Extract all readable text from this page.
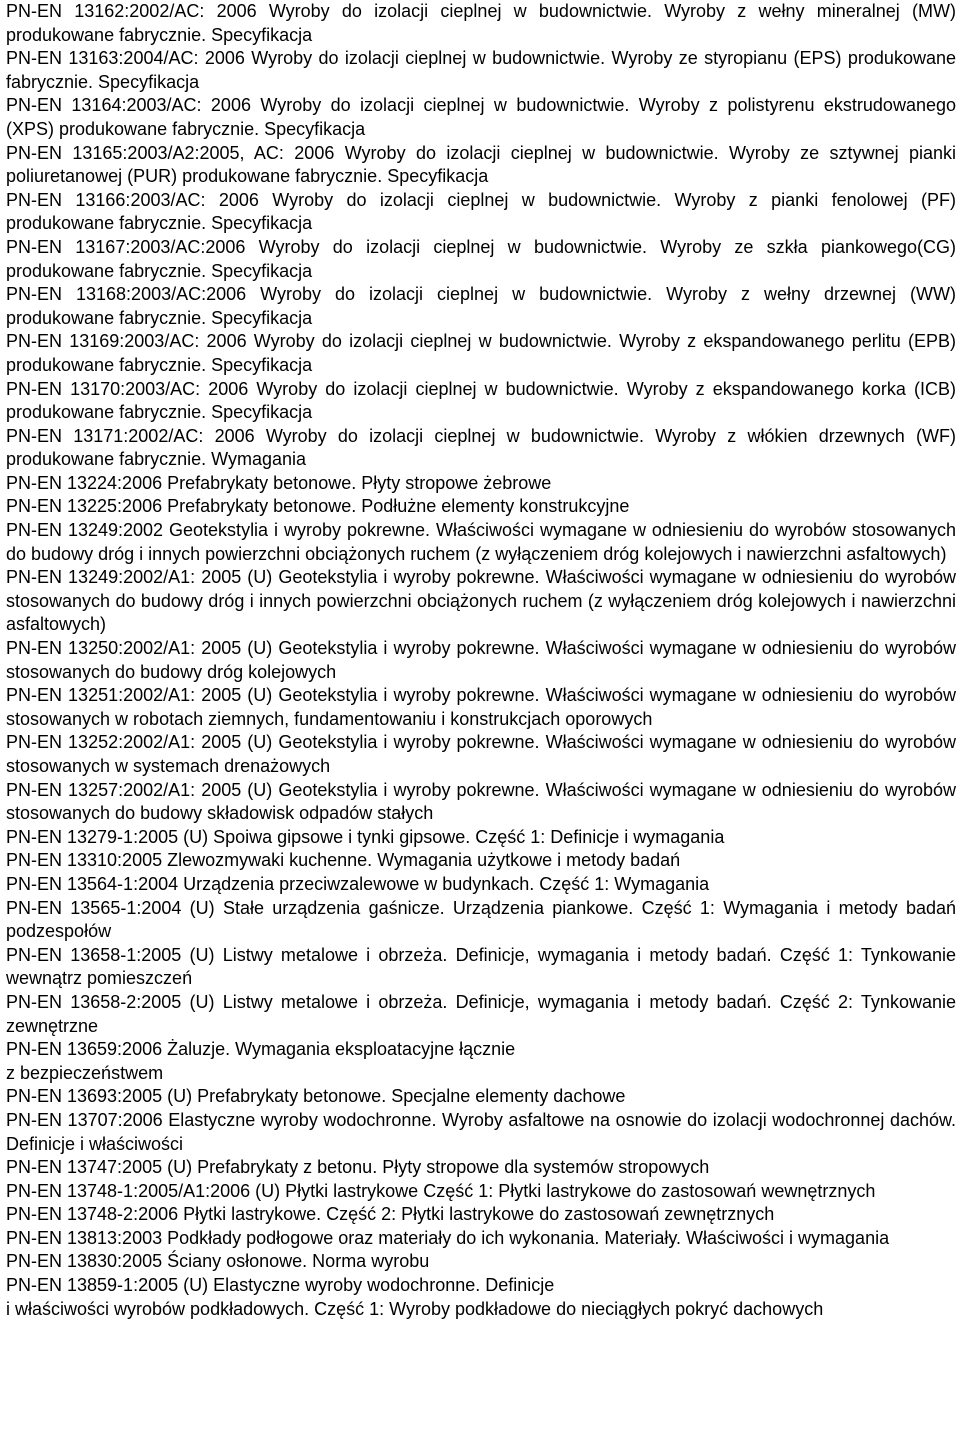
PN-EN 13162:2002/AC: 2006 Wyroby do izolacji cieplnej w budownictwie. Wyroby z wełny mineralnej (MW) produkowane fabrycznie. Specyfikacja
PN-EN 13163:2004/AC: 2006 Wyroby do izolacji cieplnej w budownictwie. Wyroby ze styropianu (EPS) produkowane fabrycznie. Specyfikacja
PN-EN 13164:2003/AC: 2006 Wyroby do izolacji cieplnej w budownictwie. Wyroby z polistyrenu ekstrudowanego (XPS) produkowane fabrycznie. Specyfikacja
PN-EN 13165:2003/A2:2005, AC: 2006 Wyroby do izolacji cieplnej w budownictwie. Wyroby ze sztywnej pianki poliuretanowej (PUR) produkowane fabrycznie. Specyfikacja
PN-EN 13166:2003/AC: 2006 Wyroby do izolacji cieplnej w budownictwie. Wyroby z pianki fenolowej (PF) produkowane fabrycznie. Specyfikacja
PN-EN 13167:2003/AC:2006 Wyroby do izolacji cieplnej w budownictwie. Wyroby ze szkła piankowego(CG) produkowane fabrycznie. Specyfikacja
PN-EN 13168:2003/AC:2006 Wyroby do izolacji cieplnej w budownictwie. Wyroby z wełny drzewnej (WW) produkowane fabrycznie. Specyfikacja
PN-EN 13169:2003/AC: 2006 Wyroby do izolacji cieplnej w budownictwie. Wyroby z ekspandowanego perlitu (EPB) produkowane fabrycznie. Specyfikacja
PN-EN 13170:2003/AC: 2006 Wyroby do izolacji cieplnej w budownictwie. Wyroby z ekspandowanego korka (ICB) produkowane fabrycznie. Specyfikacja
PN-EN 13171:2002/AC: 2006 Wyroby do izolacji cieplnej w budownictwie. Wyroby z włókien drzewnych (WF) produkowane fabrycznie. Wymagania
PN-EN 13224:2006 Prefabrykaty betonowe. Płyty stropowe żebrowe
PN-EN 13225:2006 Prefabrykaty betonowe. Podłużne elementy konstrukcyjne
PN-EN 13249:2002 Geotekstylia i wyroby pokrewne. Właściwości wymagane w odniesieniu do wyrobów stosowanych do budowy dróg i innych powierzchni obciążonych ruchem (z wyłączeniem dróg kolejowych i nawierzchni asfaltowych)
PN-EN 13249:2002/A1: 2005 (U) Geotekstylia i wyroby pokrewne. Właściwości wymagane w odniesieniu do wyrobów stosowanych do budowy dróg i innych powierzchni obciążonych ruchem (z wyłączeniem dróg kolejowych i nawierzchni asfaltowych)
PN-EN 13250:2002/A1: 2005 (U) Geotekstylia i wyroby pokrewne. Właściwości wymagane w odniesieniu do wyrobów stosowanych do budowy dróg kolejowych
PN-EN 13251:2002/A1: 2005 (U) Geotekstylia i wyroby pokrewne. Właściwości wymagane w odniesieniu do wyrobów stosowanych w robotach ziemnych, fundamentowaniu i konstrukcjach oporowych
PN-EN 13252:2002/A1: 2005 (U) Geotekstylia i wyroby pokrewne. Właściwości wymagane w odniesieniu do wyrobów stosowanych w systemach drenażowych
PN-EN 13257:2002/A1: 2005 (U) Geotekstylia i wyroby pokrewne. Właściwości wymagane w odniesieniu do wyrobów stosowanych do budowy składowisk odpadów stałych
PN-EN 13279-1:2005 (U) Spoiwa gipsowe i tynki gipsowe. Część 1: Definicje i wymagania
PN-EN 13310:2005 Zlewozmywaki kuchenne. Wymagania użytkowe i metody badań
PN-EN 13564-1:2004 Urządzenia przeciwzalewowe w budynkach. Część 1: Wymagania
PN-EN 13565-1:2004 (U) Stałe urządzenia gaśnicze. Urządzenia piankowe. Część 1: Wymagania i metody badań podzespołów
PN-EN 13658-1:2005 (U) Listwy metalowe i obrzeża. Definicje, wymagania i metody badań. Część 1: Tynkowanie wewnątrz pomieszczeń
PN-EN 13658-2:2005 (U) Listwy metalowe i obrzeża. Definicje, wymagania i metody badań. Część 2: Tynkowanie zewnętrzne
PN-EN 13659:2006 Żaluzje. Wymagania eksploatacyjne łącznie
z bezpieczeństwem
PN-EN 13693:2005 (U) Prefabrykaty betonowe. Specjalne elementy dachowe
PN-EN 13707:2006 Elastyczne wyroby wodochronne. Wyroby asfaltowe na osnowie do izolacji wodochronnej dachów. Definicje i właściwości
PN-EN 13747:2005 (U) Prefabrykaty z betonu. Płyty stropowe dla systemów stropowych
PN-EN 13748-1:2005/A1:2006 (U) Płytki lastrykowe Część 1: Płytki lastrykowe do zastosowań wewnętrznych
PN-EN 13748-2:2006 Płytki lastrykowe. Część 2: Płytki lastrykowe do zastosowań zewnętrznych
PN-EN 13813:2003 Podkłady podłogowe oraz materiały do ich wykonania. Materiały. Właściwości i wymagania
PN-EN 13830:2005 Ściany osłonowe. Norma wyrobu
PN-EN 13859-1:2005 (U) Elastyczne wyroby wodochronne. Definicje
i właściwości wyrobów podkładowych. Część 1: Wyroby podkładowe do nieciągłych pokryć dachowych
